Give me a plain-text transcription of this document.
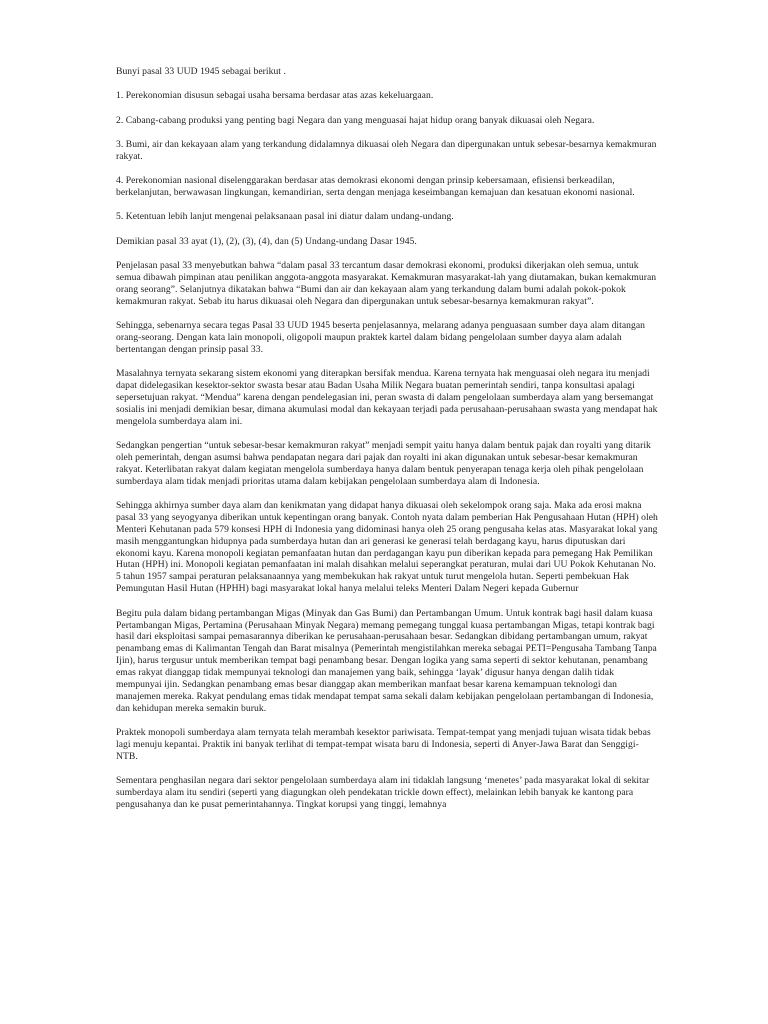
Bunyi pasal 33 UUD 1945 sebagai berikut .

1. Perekonomian disusun sebagai usaha bersama berdasar atas azas kekeluargaan.

2. Cabang-cabang produksi yang penting bagi Negara dan yang menguasai hajat hidup orang banyak dikuasai oleh Negara.

3. Bumi, air dan kekayaan alam yang terkandung didalamnya dikuasai oleh Negara dan dipergunakan untuk sebesar-besarnya kemakmuran rakyat.

4. Perekonomian nasional diselenggarakan berdasar atas demokrasi ekonomi dengan prinsip kebersamaan, efisiensi berkeadilan, berkelanjutan, berwawasan lingkungan, kemandirian, serta dengan menjaga keseimbangan kemajuan dan kesatuan ekonomi nasional.

5. Ketentuan lebih lanjut mengenai pelaksanaan pasal ini diatur dalam undang-undang.

Demikian pasal 33 ayat (1), (2), (3), (4), dan (5) Undang-undang Dasar 1945.

Penjelasan pasal 33 menyebutkan bahwa “dalam pasal 33 tercantum dasar demokrasi ekonomi, produksi dikerjakan oleh semua, untuk semua dibawah pimpinan atau penilikan anggota-anggota masyarakat. Kemakmuran masyarakat-lah yang diutamakan, bukan kemakmuran orang seorang”. Selanjutnya dikatakan bahwa “Bumi dan air dan kekayaan alam yang terkandung dalam bumi adalah pokok-pokok kemakmuran rakyat. Sebab itu harus dikuasai oleh Negara dan dipergunakan untuk sebesar-besarnya kemakmuran rakyat”.

Sehingga, sebenarnya secara tegas Pasal 33 UUD 1945 beserta penjelasannya, melarang adanya penguasaan sumber daya alam ditangan orang-seorang. Dengan kata lain monopoli, oligopoli maupun praktek kartel dalam bidang pengelolaan sumber dayya alam adalah bertentangan dengan prinsip pasal 33.

Masalahnya ternyata sekarang sistem ekonomi yang diterapkan bersifak mendua. Karena ternyata hak menguasai oleh negara itu menjadi dapat didelegasikan kesektor-sektor swasta besar atau Badan Usaha Milik Negara buatan pemerintah sendiri, tanpa konsultasi apalagi sepersetujuan rakyat. “Mendua” karena dengan pendelegasian ini, peran swasta di dalam pengelolaan sumberdaya alam yang bersemangat sosialis ini menjadi demikian besar, dimana akumulasi modal dan kekayaan terjadi pada perusahaan-perusahaan swasta yang mendapat hak mengelola sumberdaya alam ini.

Sedangkan pengertian “untuk sebesar-besar kemakmuran rakyat” menjadi sempit yaitu hanya dalam bentuk pajak dan royalti yang ditarik oleh pemerintah, dengan asumsi bahwa pendapatan negara dari pajak dan royalti ini akan digunakan untuk sebesar-besar kemakmuran rakyat. Keterlibatan rakyat dalam kegiatan mengelola sumberdaya hanya dalam bentuk penyerapan tenaga kerja oleh pihak pengelolaan sumberdaya alam tidak menjadi prioritas utama dalam kebijakan pengelolaan sumberdaya alam di Indonesia.

Sehingga akhirnya sumber daya alam dan kenikmatan yang didapat hanya dikuasai oleh sekelompok orang saja. Maka ada erosi makna pasal 33 yang seyogyanya diberikan untuk kepentingan orang banyak. Contoh nyata dalam pemberian Hak Pengusahaan Hutan (HPH) oleh Menteri Kehutanan pada 579 konsesi HPH di Indonesia yang didominasi hanya oleh 25 orang pengusaha kelas atas. Masyarakat lokal yang masih menggantungkan hidupnya pada sumberdaya hutan dan ari generasi ke generasi telah berdagang kayu, harus diputuskan dari ekonomi kayu. Karena monopoli kegiatan pemanfaatan hutan dan perdagangan kayu pun diberikan kepada para pemegang Hak Pemilikan Hutan (HPH) ini. Monopoli kegiatan pemanfaatan ini malah disahkan melalui seperangkat peraturan, mulai dari UU Pokok Kehutanan No. 5 tahun 1957 sampai peraturan pelaksanaannya yang membekukan hak rakyat untuk turut mengelola hutan. Seperti pembekuan Hak Pemungutan Hasil Hutan (HPHH) bagi masyarakat lokal hanya melalui teleks Menteri Dalam Negeri kepada Gubernur

Begitu pula dalam bidang pertambangan Migas (Minyak dan Gas Bumi) dan Pertambangan Umum. Untuk kontrak bagi hasil dalam kuasa Pertambangan Migas, Pertamina (Perusahaan Minyak Negara) memang pemegang tunggal kuasa pertambangan Migas, tetapi kontrak bagi hasil dari eksploitasi sampai pemasarannya diberikan ke perusahaan-perusahaan besar. Sedangkan dibidang pertambangan umum, rakyat penambang emas di Kalimantan Tengah dan Barat misalnya (Pemerintah mengistilahkan mereka sebagai PETI=Pengusaha Tambang Tanpa Ijin), harus tergusur untuk memberikan tempat bagi penambang besar. Dengan logika yang sama seperti di sektor kehutanan, penambang emas rakyat dianggap tidak mempunyai teknologi dan manajemen yang baik, sehingga ‘layak’ digusur hanya dengan dalih tidak mempunyai ijin. Sedangkan penambang emas besar dianggap akan memberikan manfaat besar karena kemampuan teknologi dan manajemen mereka. Rakyat pendulang emas tidak mendapat tempat sama sekali dalam kebijakan pengelolaan pertambangan di Indonesia, dan kehidupan mereka semakin buruk.

Praktek monopoli sumberdaya alam ternyata telah merambah kesektor pariwisata. Tempat-tempat yang menjadi tujuan wisata tidak bebas lagi menuju kepantai. Praktik ini banyak terlihat di tempat-tempat wisata baru di Indonesia, seperti di Anyer-Jawa Barat dan Senggigi-NTB.

Sementara penghasilan negara dari sektor pengelolaan sumberdaya alam ini tidaklah langsung ‘menetes’ pada masyarakat lokal di sekitar sumberdaya alam itu sendiri (seperti yang diagungkan oleh pendekatan trickle down effect), melainkan lebih banyak ke kantong para pengusahanya dan ke pusat pemerintahannya. Tingkat korupsi yang tinggi, lemahnya
